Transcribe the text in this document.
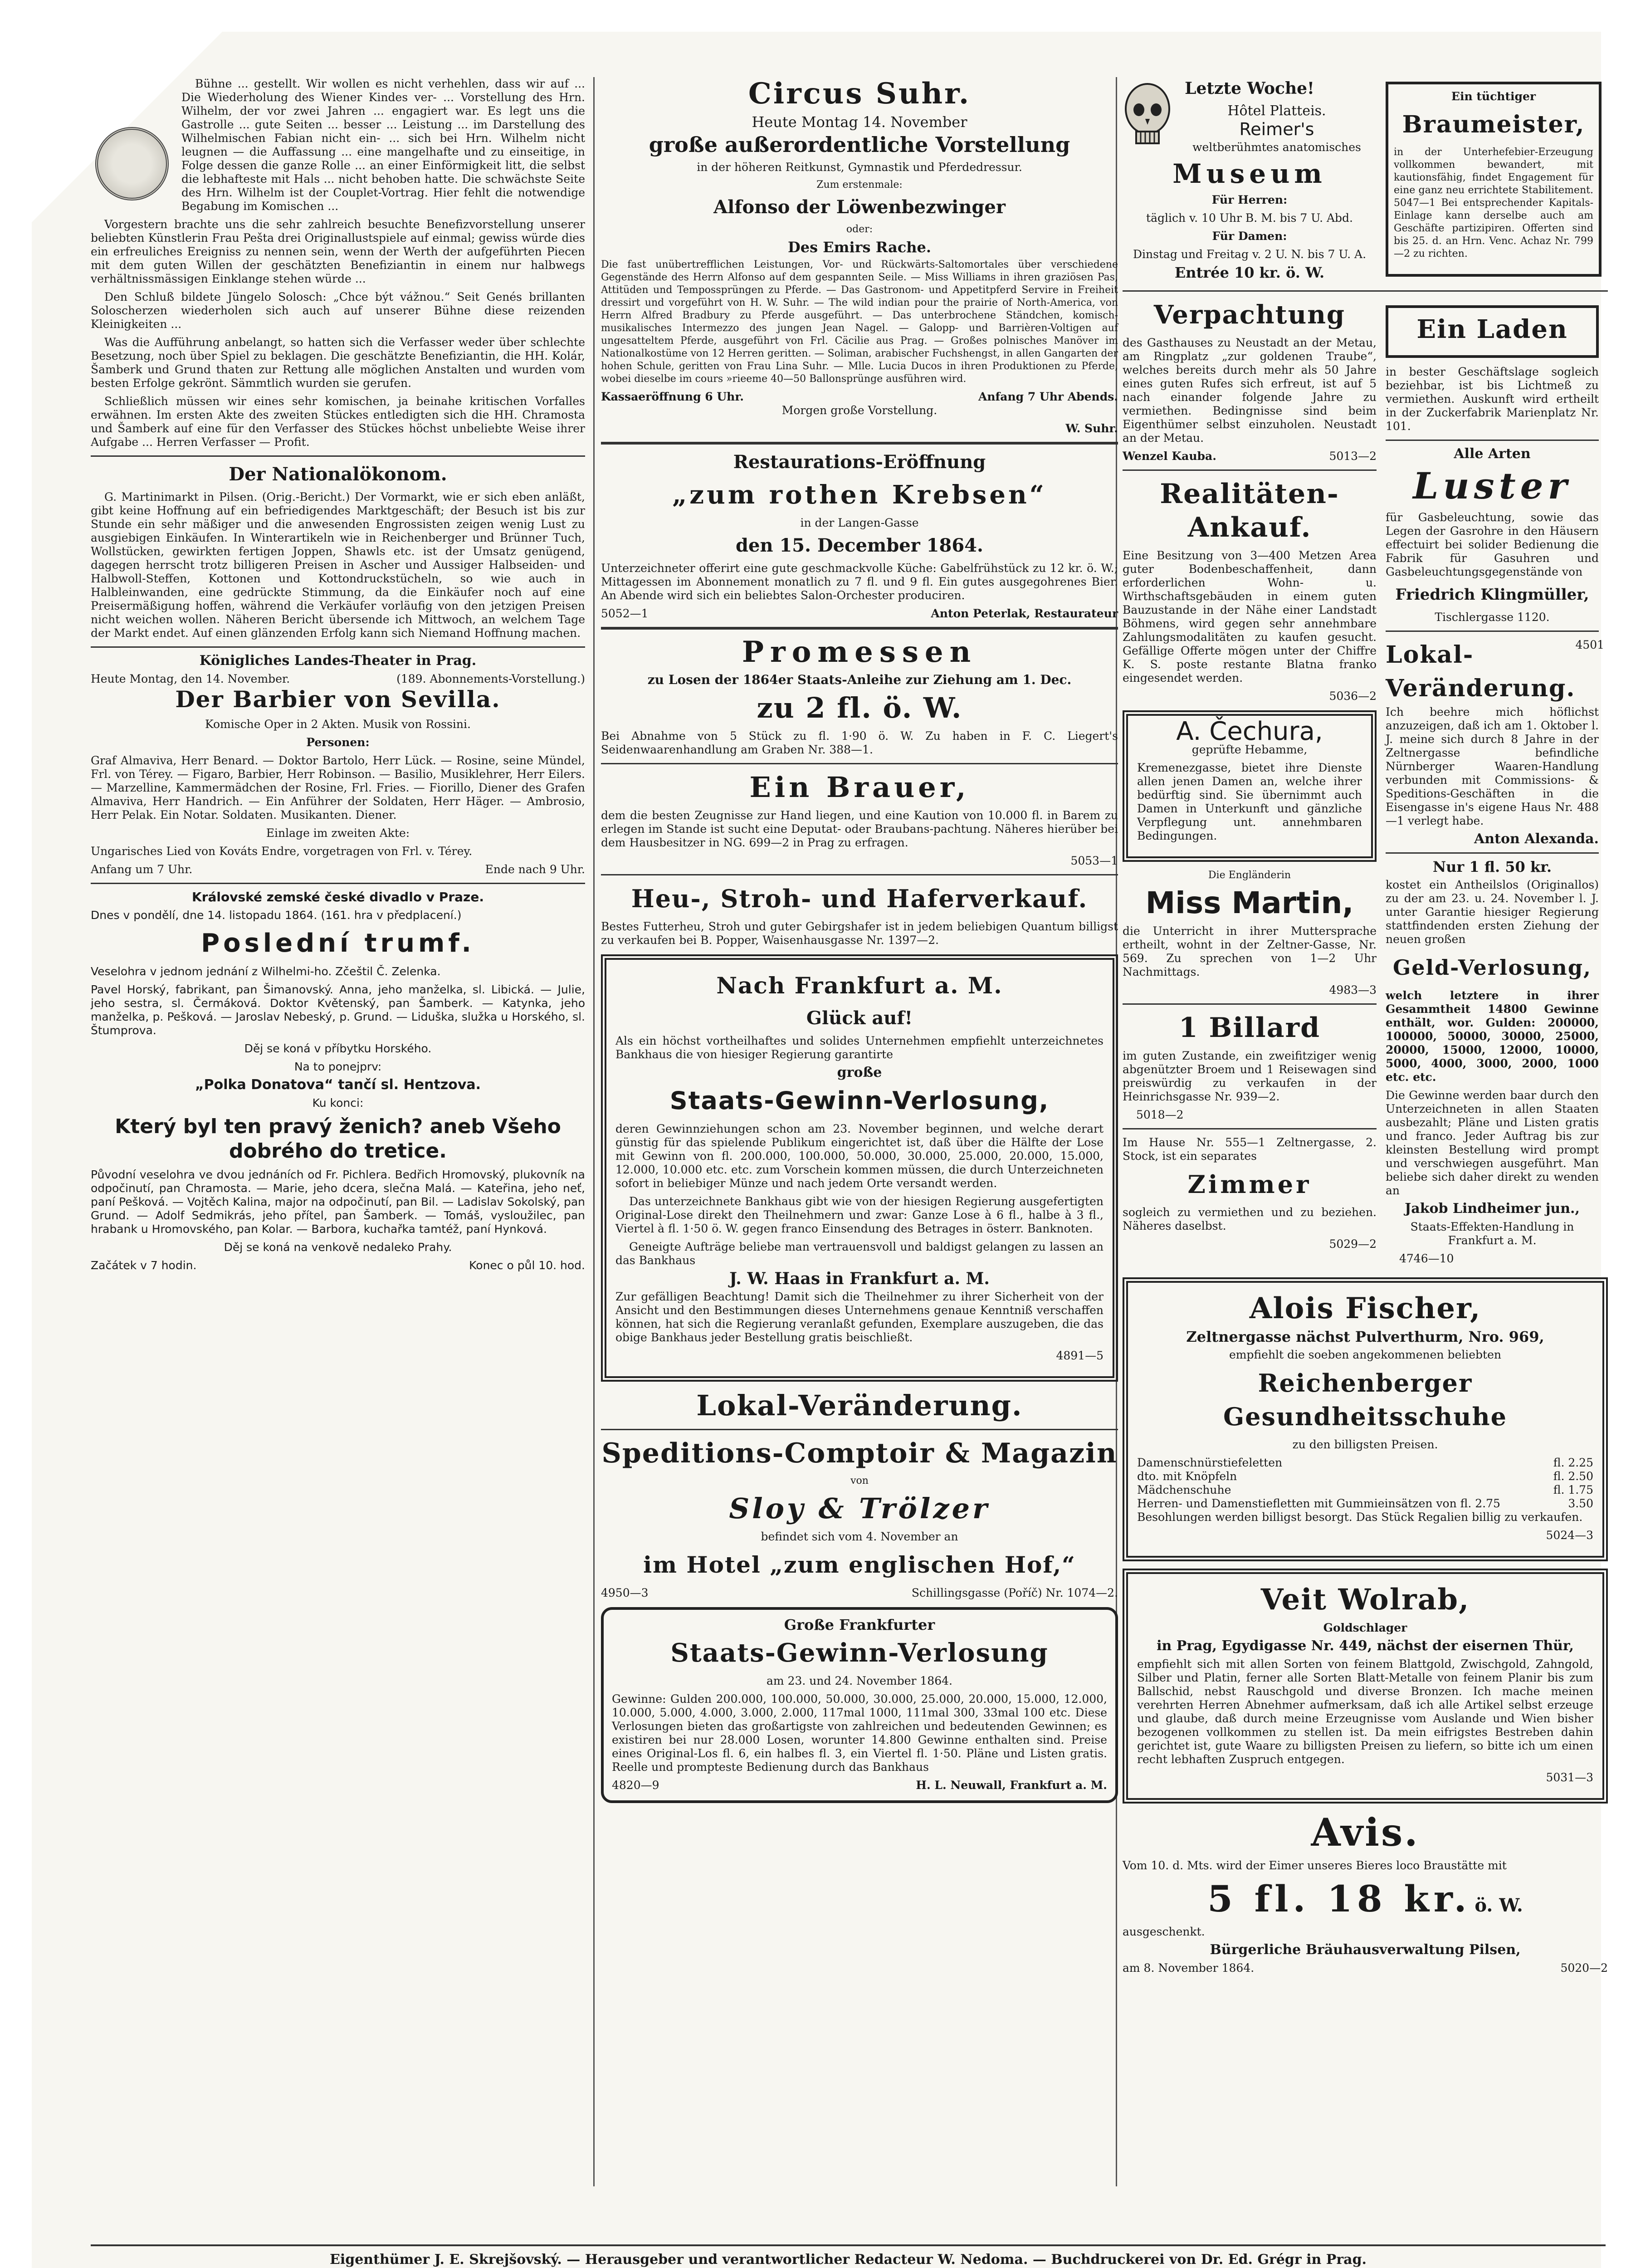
Bühne ... gestellt. Wir wollen es nicht verhehlen, dass wir auf ... Die Wiederholung des Wiener Kindes ver- ... Vorstellung des Hrn. Wilhelm, der vor zwei Jahren ... engagiert war. Es legt uns die Gastrolle ... gute Seiten ... besser ... Leistung ... im Darstellung des Wilhelmischen Fabian nicht ein- ... sich bei Hrn. Wilhelm nicht leugnen — die Auffassung ... eine mangelhafte und zu einseitige, in Folge dessen die ganze Rolle ... an einer Einförmigkeit litt, die selbst die lebhafteste mit Hals ... nicht behoben hatte. Die schwächste Seite des Hrn. Wilhelm ist der Couplet-Vortrag. Hier fehlt die notwendige Begabung im Komischen ...

Vorgestern brachte uns die sehr zahlreich besuchte Benefizvorstellung unserer beliebten Künstlerin Frau Pešta drei Originallustspiele auf einmal; gewiss würde dies ein erfreuliches Ereigniss zu nennen sein, wenn der Werth der aufgeführten Piecen mit dem guten Willen der geschätzten Benefiziantin in einem nur halbwegs verhältnissmässigen Einklange stehen würde ...

Den Schluß bildete Jüngelo Solosch: „Chce být vážnou.“ Seit Genés brillanten Soloscherzen wiederholen sich auch auf unserer Bühne diese reizenden Kleinigkeiten ...

Was die Aufführung anbelangt, so hatten sich die Verfasser weder über schlechte Besetzung, noch über Spiel zu beklagen. Die geschätzte Benefiziantin, die HH. Kolár, Šamberk und Grund thaten zur Rettung alle möglichen Anstalten und wurden vom besten Erfolge gekrönt. Sämmtlich wurden sie gerufen.

Schließlich müssen wir eines sehr komischen, ja beinahe kritischen Vorfalles erwähnen. Im ersten Akte des zweiten Stückes entledigten sich die HH. Chramosta und Šamberk auf eine für den Verfasser des Stückes höchst unbeliebte Weise ihrer Aufgabe ... Herren Verfasser — Profit.

Der Nationalökonom.

G. Martinimarkt in Pilsen. (Orig.-Bericht.) Der Vormarkt, wie er sich eben anläßt, gibt keine Hoffnung auf ein befriedigendes Marktgeschäft; der Besuch ist bis zur Stunde ein sehr mäßiger und die anwesenden Engrossisten zeigen wenig Lust zu ausgiebigen Einkäufen. In Winterartikeln wie in Reichenberger und Brünner Tuch, Wollstücken, gewirkten fertigen Joppen, Shawls etc. ist der Umsatz genügend, dagegen herrscht trotz billigeren Preisen in Ascher und Aussiger Halbseiden- und Halbwoll-Steffen, Kottonen und Kottondruckstücheln, so wie auch in Halbleinwanden, eine gedrückte Stimmung, da die Einkäufer noch auf eine Preisermäßigung hoffen, während die Verkäufer vorläufig von den jetzigen Preisen nicht weichen wollen. Näheren Bericht übersende ich Mittwoch, an welchem Tage der Markt endet. Auf einen glänzenden Erfolg kann sich Niemand Hoffnung machen.

Königliches Landes-Theater in Prag.

Heute Montag, den 14. November.	(189. Abonnements-Vorstellung.)

Der Barbier von Sevilla.

Komische Oper in 2 Akten. Musik von Rossini.

Personen:

Graf Almaviva, Herr Benard. — Doktor Bartolo, Herr Lück. — Rosine, seine Mündel, Frl. von Térey. — Figaro, Barbier, Herr Robinson. — Basilio, Musiklehrer, Herr Eilers. — Marzelline, Kammermädchen der Rosine, Frl. Fries. — Fiorillo, Diener des Grafen Almaviva, Herr Handrich. — Ein Anführer der Soldaten, Herr Häger. — Ambrosio, Herr Pelak. Ein Notar. Soldaten. Musikanten. Diener.

Einlage im zweiten Akte:

Ungarisches Lied von Kováts Endre, vorgetragen von Frl. v. Térey.

Anfang um 7 Uhr.	Ende nach 9 Uhr.

Královské zemské české divadlo v Praze.

Dnes v pondělí, dne 14. listopadu 1864. (161. hra v předplacení.)

Poslední trumf.

Veselohra v jednom jednání z Wilhelmi-ho. Zčeštil Č. Zelenka.

Pavel Horský, fabrikant, pan Šimanovský. Anna, jeho manželka, sl. Libická. — Julie, jeho sestra, sl. Čermáková. Doktor Květenský, pan Šamberk. — Katynka, jeho manželka, p. Pešková. — Jaroslav Nebeský, p. Grund. — Liduška, služka u Horského, sl. Štumprova.

Děj se koná v příbytku Horského.

Na to ponejprv:

„Polka Donatova“ tančí sl. Hentzova.

Ku konci:

Který byl ten pravý ženich? aneb Všeho dobrého do tretice.

Původní veselohra ve dvou jednáních od Fr. Pichlera. Bedřich Hromovský, plukovník na odpočinutí, pan Chramosta. — Marie, jeho dcera, slečna Malá. — Kateřina, jeho neť, paní Pešková. — Vojtěch Kalina, major na odpočinutí, pan Bil. — Ladislav Sokolský, pan Grund. — Adolf Sedmikrás, jeho přítel, pan Šamberk. — Tomáš, vysloužilec, pan hrabank u Hromovského, pan Kolar. — Barbora, kuchařka tamtéž, paní Hynková.

Děj se koná na venkově nedaleko Prahy.

Začátek v 7 hodin.	Konec o půl 10. hod.

Circus Suhr.

Heute Montag 14. November

große außerordentliche Vorstellung

in der höheren Reitkunst, Gymnastik und Pferdedressur.

Zum erstenmale:

Alfonso der Löwenbezwinger

oder:

Des Emirs Rache.

Die fast unübertrefflichen Leistungen, Vor- und Rückwärts-Saltomortales über verschiedene Gegenstände des Herrn Alfonso auf dem gespannten Seile. — Miss Williams in ihren graziösen Pas, Attitüden und Tempossprüngen zu Pferde. — Das Gastronom- und Appetitpferd Servire in Freiheit dressirt und vorgeführt von H. W. Suhr. — The wild indian pour the prairie of North-America, von Herrn Alfred Bradbury zu Pferde ausgeführt. — Das unterbrochene Ständchen, komisch-musikalisches Intermezzo des jungen Jean Nagel. — Galopp- und Barrièren-Voltigen auf ungesatteltem Pferde, ausgeführt von Frl. Cäcilie aus Prag. — Großes polnisches Manöver im Nationalkostüme von 12 Herren geritten. — Soliman, arabischer Fuchshengst, in allen Gangarten der hohen Schule, geritten von Frau Lina Suhr. — Mlle. Lucia Ducos in ihren Produktionen zu Pferde, wobei dieselbe im cours »rieeme 40—50 Ballonsprünge ausführen wird.

Kassaeröffnung 6 Uhr.	Anfang 7 Uhr Abends.

Morgen große Vorstellung.

W. Suhr.

Restaurations-Eröffnung

„zum rothen Krebsen“

in der Langen-Gasse

den 15. December 1864.

Unterzeichneter offerirt eine gute geschmackvolle Küche: Gabelfrühstück zu 12 kr. ö. W.; Mittagessen im Abonnement monatlich zu 7 fl. und 9 fl. Ein gutes ausgegohrenes Bier. An Abende wird sich ein beliebtes Salon-Orchester produciren.

5052—1	Anton Peterlak, Restaurateur

Promessen

zu Losen der 1864er Staats-Anleihe zur Ziehung am 1. Dec.

zu 2 fl. ö. W.

Bei Abnahme von 5 Stück zu fl. 1·90 ö. W. Zu haben in F. C. Liegert's Seidenwaarenhandlung am Graben Nr. 388—1.

Ein Brauer,

dem die besten Zeugnisse zur Hand liegen, und eine Kaution von 10.000 fl. in Barem zu erlegen im Stande ist sucht eine Deputat- oder Braubans-pachtung. Näheres hierüber bei dem Hausbesitzer in NG. 699—2 in Prag zu erfragen.

5053—1

Heu-, Stroh- und Haferverkauf.

Bestes Futterheu, Stroh und guter Gebirgshafer ist in jedem beliebigen Quantum billigst zu verkaufen bei B. Popper, Waisenhausgasse Nr. 1397—2.

Nach Frankfurt a. M.

Glück auf!

Als ein höchst vortheilhaftes und solides Unternehmen empfiehlt unterzeichnetes Bankhaus die von hiesiger Regierung garantirte

große

Staats-Gewinn-Verlosung,

deren Gewinnziehungen schon am 23. November beginnen, und welche derart günstig für das spielende Publikum eingerichtet ist, daß über die Hälfte der Lose mit Gewinn von fl. 200.000, 100.000, 50.000, 30.000, 25.000, 20.000, 15.000, 12.000, 10.000 etc. etc. zum Vorschein kommen müssen, die durch Unterzeichneten sofort in beliebiger Münze und nach jedem Orte versandt werden.

Das unterzeichnete Bankhaus gibt wie von der hiesigen Regierung ausgefertigten Original-Lose direkt den Theilnehmern und zwar: Ganze Lose à 6 fl., halbe à 3 fl., Viertel à fl. 1·50 ö. W. gegen franco Einsendung des Betrages in österr. Banknoten.

Geneigte Aufträge beliebe man vertrauensvoll und baldigst gelangen zu lassen an das Bankhaus

J. W. Haas in Frankfurt a. M.

Zur gefälligen Beachtung! Damit sich die Theilnehmer zu ihrer Sicherheit von der Ansicht und den Bestimmungen dieses Unternehmens genaue Kenntniß verschaffen können, hat sich die Regierung veranlaßt gefunden, Exemplare auszugeben, die das obige Bankhaus jeder Bestellung gratis beischließt.

4891—5

Lokal-Veränderung.

Speditions-Comptoir & Magazin

von

Sloy & Trölzer

befindet sich vom 4. November an

im Hotel „zum englischen Hof,“

4950—3	Schillingsgasse (Poříč) Nr. 1074—2.

Große Frankfurter

Staats-Gewinn-Verlosung

am 23. und 24. November 1864.

Gewinne: Gulden 200.000, 100.000, 50.000, 30.000, 25.000, 20.000, 15.000, 12.000, 10.000, 5.000, 4.000, 3.000, 2.000, 117mal 1000, 111mal 300, 33mal 100 etc. Diese Verlosungen bieten das großartigste von zahlreichen und bedeutenden Gewinnen; es existiren bei nur 28.000 Losen, worunter 14.800 Gewinne enthalten sind. Preise eines Original-Los fl. 6, ein halbes fl. 3, ein Viertel fl. 1·50. Pläne und Listen gratis. Reelle und prompteste Bedienung durch das Bankhaus

4820—9	H. L. Neuwall, Frankfurt a. M.

Letzte Woche!

Hôtel Platteis.

Reimer's

weltberühmtes anatomisches

Museum

Für Herren:

täglich v. 10 Uhr B. M. bis 7 U. Abd.

Für Damen:

Dinstag und Freitag v. 2 U. N. bis 7 U. A.

Entrée 10 kr. ö. W.

Ein tüchtiger

Braumeister,

in der Unterhefebier-Erzeugung vollkommen bewandert, mit kautionsfähig, findet Engagement für eine ganz neu errichtete Stabilitement. 5047—1 Bei entsprechender Kapitals-Einlage kann derselbe auch am Geschäfte partizipiren. Offerten sind bis 25. d. an Hrn. Venc. Achaz Nr. 799—2 zu richten.

Verpachtung

des Gasthauses zu Neustadt an der Metau, am Ringplatz „zur goldenen Traube“, welches bereits durch mehr als 50 Jahre eines guten Rufes sich erfreut, ist auf 5 nach einander folgende Jahre zu vermiethen. Bedingnisse sind beim Eigenthümer selbst einzuholen. Neustadt an der Metau.

Wenzel Kauba.	5013—2

Realitäten-Ankauf.

Eine Besitzung von 3—400 Metzen Area guter Bodenbeschaffenheit, dann erforderlichen Wohn- u. Wirthschaftsgebäuden in einem guten Bauzustande in der Nähe einer Landstadt Böhmens, wird gegen sehr annehmbare Zahlungsmodalitäten zu kaufen gesucht. Gefällige Offerte mögen unter der Chiffre K. S. poste restante Blatna franko eingesendet werden.

5036—2

A. Čechura,

geprüfte Hebamme,

Kremenezgasse, bietet ihre Dienste allen jenen Damen an, welche ihrer bedürftig sind. Sie übernimmt auch Damen in Unterkunft und gänzliche Verpflegung unt. annehmbaren Bedingungen.

Die Engländerin

Miss Martin,

die Unterricht in ihrer Muttersprache ertheilt, wohnt in der Zeltner-Gasse, Nr. 569. Zu sprechen von 1—2 Uhr Nachmittags.

4983—3

1 Billard

im guten Zustande, ein zweifitziger wenig abgenützter Broem und 1 Reisewagen sind preiswürdig zu verkaufen in der Heinrichsgasse Nr. 939—2.

5018—2

Im Hause Nr. 555—1 Zeltnergasse, 2. Stock, ist ein separates

Zimmer

sogleich zu vermiethen und zu beziehen. Näheres daselbst.

5029—2

Ein Laden

in bester Geschäftslage sogleich beziehbar, ist bis Lichtmeß zu vermiethen. Auskunft wird ertheilt in der Zuckerfabrik Marienplatz Nr. 101.

Alle Arten

Luster

für Gasbeleuchtung, sowie das Legen der Gasrohre in den Häusern effectuirt bei solider Bedienung die Fabrik für Gasuhren und Gasbeleuchtungsgegenstände von

Friedrich Klingmüller,

Tischlergasse 1120.

Lokal-Veränderung.
4501

Ich beehre mich höflichst anzuzeigen, daß ich am 1. Oktober l. J. meine sich durch 8 Jahre in der Zeltnergasse befindliche Nürnberger Waaren-Handlung verbunden mit Commissions- & Speditions-Geschäften in die Eisengasse in's eigene Haus Nr. 488—1 verlegt habe.

Anton Alexanda.

Nur 1 fl. 50 kr.

kostet ein Antheilslos (Originallos) zu der am 23. u. 24. November l. J. unter Garantie hiesiger Regierung stattfindenden ersten Ziehung der neuen großen

Geld-Verlosung,

welch letztere in ihrer Gesammtheit 14800 Gewinne enthält, wor. Gulden: 200000, 100000, 50000, 30000, 25000, 20000, 15000, 12000, 10000, 5000, 4000, 3000, 2000, 1000 etc. etc.

Die Gewinne werden baar durch den Unterzeichneten in allen Staaten ausbezahlt; Pläne und Listen gratis und franco. Jeder Auftrag bis zur kleinsten Bestellung wird prompt und verschwiegen ausgeführt. Man beliebe sich daher direkt zu wenden an

Jakob Lindheimer jun.,

Staats-Effekten-Handlung in Frankfurt a. M.

4746—10

Alois Fischer,

Zeltnergasse nächst Pulverthurm, Nro. 969,

empfiehlt die soeben angekommenen beliebten

Reichenberger Gesundheitsschuhe

zu den billigsten Preisen.

Damenschnürstiefeletten	fl. 2.25
dto. mit Knöpfeln	fl. 2.50
Mädchenschuhe	fl. 1.75
Herren- und Damenstiefletten mit Gummieinsätzen von fl. 2.75	3.50

Besohlungen werden billigst besorgt. Das Stück Regalien billig zu verkaufen.

5024—3

Veit Wolrab,

Goldschlager

in Prag, Egydigasse Nr. 449, nächst der eisernen Thür,

empfiehlt sich mit allen Sorten von feinem Blattgold, Zwischgold, Zahngold, Silber und Platin, ferner alle Sorten Blatt-Metalle von feinem Planir bis zum Ballschid, nebst Rauschgold und diverse Bronzen. Ich mache meinen verehrten Herren Abnehmer aufmerksam, daß ich alle Artikel selbst erzeuge und glaube, daß durch meine Erzeugnisse vom Auslande und Wien bisher bezogenen vollkommen zu stellen ist. Da mein eifrigstes Bestreben dahin gerichtet ist, gute Waare zu billigsten Preisen zu liefern, so bitte ich um einen recht lebhaften Zuspruch entgegen.

5031—3

Avis.

Vom 10. d. Mts. wird der Eimer unseres Bieres loco Braustätte mit

5 fl. 18 kr. ö. W.

ausgeschenkt.

Bürgerliche Bräuhausverwaltung Pilsen,

am 8. November 1864.	5020—2
Eigenthümer J. E. Skrejšovský. — Herausgeber und verantwortlicher Redacteur W. Nedoma. — Buchdruckerei von Dr. Ed. Grégr in Prag.
